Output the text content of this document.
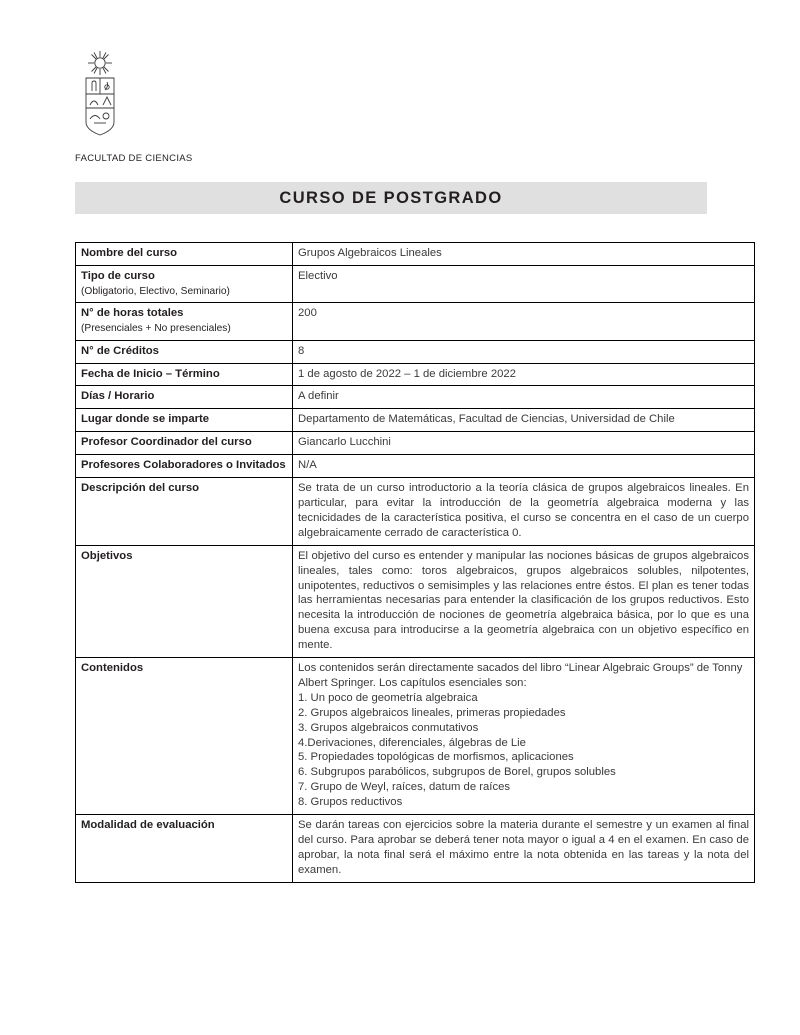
FACULTAD DE CIENCIAS
CURSO DE POSTGRADO
Nombre del curso	Grupos Algebraicos Lineales
Tipo de curso
(Obligatorio, Electivo, Seminario)	Electivo
N° de horas totales
(Presenciales + No presenciales)	200
N° de Créditos	8
Fecha de Inicio – Término	1 de agosto de 2022 – 1 de diciembre 2022
Días / Horario	A definir
Lugar donde se imparte	Departamento de Matemáticas, Facultad de Ciencias, Universidad de Chile
Profesor Coordinador del curso	Giancarlo Lucchini
Profesores Colaboradores o Invitados	N/A
Descripción del curso	Se trata de un curso introductorio a la teoría clásica de grupos algebraicos lineales. En particular, para evitar la introducción de la geometría algebraica moderna y las tecnicidades de la característica positiva, el curso se concentra en el caso de un cuerpo algebraicamente cerrado de característica 0.
Objetivos	El objetivo del curso es entender y manipular las nociones básicas de grupos algebraicos lineales, tales como: toros algebraicos, grupos algebraicos solubles, nilpotentes, unipotentes, reductivos o semisimples y las relaciones entre éstos. El plan es tener todas las herramientas necesarias para entender la clasificación de los grupos reductivos. Esto necesita la introducción de nociones de geometría algebraica básica, por lo que es una buena excusa para introducirse a la geometría algebraica con un objetivo específico en mente.
Contenidos	Los contenidos serán directamente sacados del libro “Linear Algebraic Groups” de Tonny Albert Springer. Los capítulos esenciales son:
1. Un poco de geometría algebraica
2. Grupos algebraicos lineales, primeras propiedades
3. Grupos algebraicos conmutativos
4.Derivaciones, diferenciales, álgebras de Lie
5. Propiedades topológicas de morfismos, aplicaciones
6. Subgrupos parabólicos, subgrupos de Borel, grupos solubles
7. Grupo de Weyl, raíces, datum de raíces
8. Grupos reductivos

Modalidad de evaluación	Se darán tareas con ejercicios sobre la materia durante el semestre y un examen al final del curso. Para aprobar se deberá tener nota mayor o igual a 4 en el examen. En caso de aprobar, la nota final será el máximo entre la nota obtenida en las tareas y la nota del examen.
